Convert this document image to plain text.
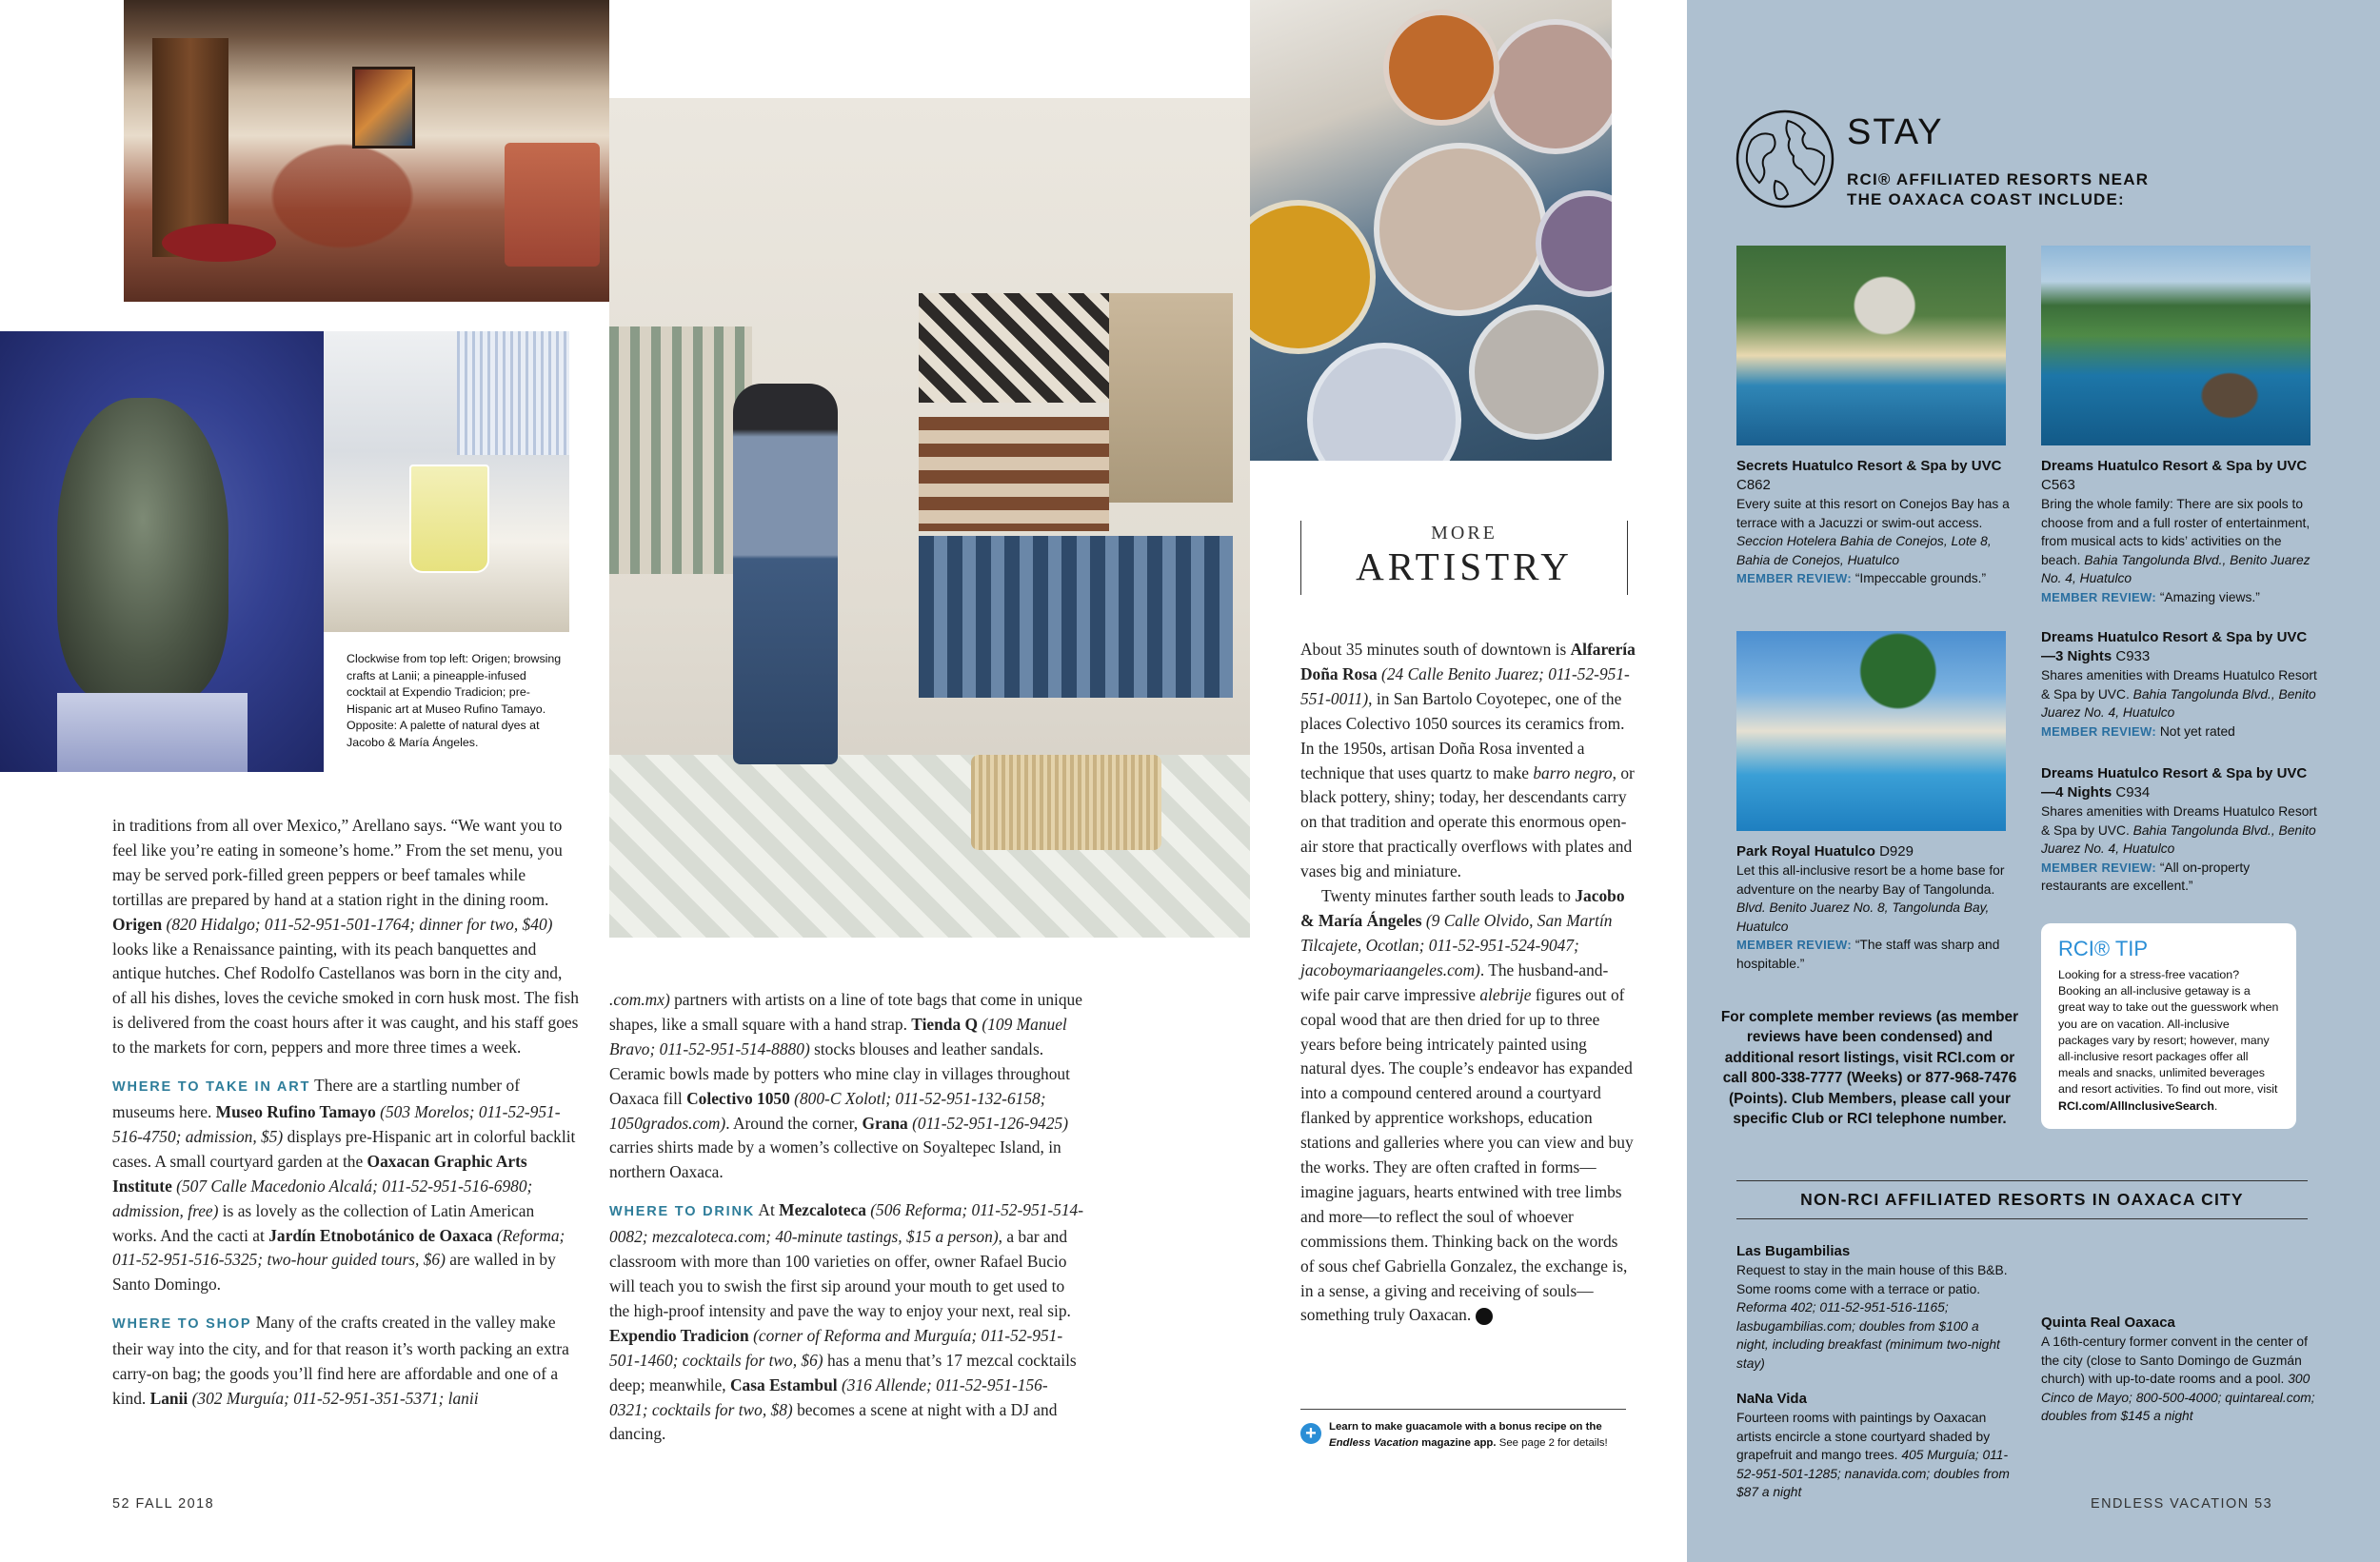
Clockwise from top left: Origen; browsing crafts at Lanii; a pineapple-infused cocktail at Expendio Tradicion; pre-Hispanic art at Museo Rufino Tamayo. Opposite: A palette of natural dyes at Jacobo & María Ángeles.

in traditions from all over Mexico,” Arellano says. “We want you to feel like you’re eating in someone’s home.” From the set menu, you may be served pork-filled green peppers or beef tamales while tortillas are prepared by hand at a station right in the dining room. Origen (820 Hidalgo; 011-52-951-501-1764; dinner for two, $40) looks like a Renaissance painting, with its peach banquettes and antique hutches. Chef Rodolfo Castellanos was born in the city and, of all his dishes, loves the ceviche smoked in corn husk most. The fish is delivered from the coast hours after it was caught, and his staff goes to the markets for corn, peppers and more three times a week.

WHERE TO TAKE IN ART There are a startling number of museums here. Museo Rufino Tamayo (503 Morelos; 011-52-951-516-4750; admission, $5) displays pre-Hispanic art in colorful backlit cases. A small courtyard garden at the Oaxacan Graphic Arts Institute (507 Calle Macedonio Alcalá; 011-52-951-516-6980; admission, free) is as lovely as the collection of Latin American works. And the cacti at Jardín Etnobotánico de Oaxaca (Reforma; 011-52-951-516-5325; two-hour guided tours, $6) are walled in by Santo Domingo.

WHERE TO SHOP Many of the crafts created in the valley make their way into the city, and for that reason it’s worth packing an extra carry-on bag; the goods you’ll find here are affordable and one of a kind. Lanii (302 Murguía; 011-52-951-351-5371; lanii

.com.mx) partners with artists on a line of tote bags that come in unique shapes, like a small square with a hand strap. Tienda Q (109 Manuel Bravo; 011-52-951-514-8880) stocks blouses and leather sandals. Ceramic bowls made by potters who mine clay in villages throughout Oaxaca fill Colectivo 1050 (800-C Xolotl; 011-52-951-132-6158; 1050grados.com). Around the corner, Grana (011-52-951-126-9425) carries shirts made by a women’s collective on Soyaltepec Island, in northern Oaxaca.

WHERE TO DRINK At Mezcaloteca (506 Reforma; 011-52-951-514-0082; mezcaloteca.com; 40-minute tastings, $15 a person), a bar and classroom with more than 100 varieties on offer, owner Rafael Bucio will teach you to swish the first sip around your mouth to get used to the high-proof intensity and pave the way to enjoy your next, real sip. Expendio Tradicion (corner of Reforma and Murguía; 011-52-951-501-1460; cocktails for two, $6) has a menu that’s 17 mezcal cocktails deep; meanwhile, Casa Estambul (316 Allende; 011-52-951-156-0321; cocktails for two, $8) becomes a scene at night with a DJ and dancing.

MORE
ARTISTRY

About 35 minutes south of downtown is Alfarería Doña Rosa (24 Calle Benito Juarez; 011-52-951-551-0011), in San Bartolo Coyotepec, one of the places Colectivo 1050 sources its ceramics from. In the 1950s, artisan Doña Rosa invented a technique that uses quartz to make barro negro, or black pottery, shiny; today, her descendants carry on that tradition and operate this enormous open-air store that practically overflows with plates and vases big and miniature.

Twenty minutes farther south leads to Jacobo & María Ángeles (9 Calle Olvido, San Martín Tilcajete, Ocotlan; 011-52-951-524-9047; jacoboymariaangeles.com). The husband-and-wife pair carve impressive alebrije figures out of copal wood that are then dried for up to three years before being intricately painted using natural dyes. The couple’s endeavor has expanded into a compound centered around a courtyard flanked by apprentice workshops, education stations and galleries where you can view and buy the works. They are often crafted in forms—imagine jaguars, hearts entwined with tree limbs and more—to reflect the soul of whoever commissions them. Thinking back on the words of sous chef Gabriella Gonzalez, the exchange is, in a sense, a giving and receiving of souls—something truly Oaxacan.	EV

+	Learn to make guacamole with a bonus recipe on the Endless Vacation magazine app. See page 2 for details!
52 FALL 2018
STAY
RCI® AFFILIATED RESORTS NEAR
THE OAXACA COAST INCLUDE:
Secrets Huatulco Resort & Spa by UVC C862
Every suite at this resort on Conejos Bay has a terrace with a Jacuzzi or swim-out access. Seccion Hotelera Bahia de Conejos, Lote 8, Bahia de Conejos, Huatulco
MEMBER REVIEW: “Impeccable grounds.”
Dreams Huatulco Resort & Spa by UVC C563
Bring the whole family: There are six pools to choose from and a full roster of entertainment, from musical acts to kids’ activities on the beach. Bahia Tangolunda Blvd., Benito Juarez No. 4, Huatulco
MEMBER REVIEW: “Amazing views.”
Park Royal Huatulco D929
Let this all-inclusive resort be a home base for adventure on the nearby Bay of Tangolunda. Blvd. Benito Juarez No. 8, Tangolunda Bay, Huatulco
MEMBER REVIEW: “The staff was sharp and hospitable.”
Dreams Huatulco Resort & Spa by UVC—3 Nights C933
Shares amenities with Dreams Huatulco Resort & Spa by UVC. Bahia Tangolunda Blvd., Benito Juarez No. 4, Huatulco
MEMBER REVIEW: Not yet rated
Dreams Huatulco Resort & Spa by UVC—4 Nights C934
Shares amenities with Dreams Huatulco Resort & Spa by UVC. Bahia Tangolunda Blvd., Benito Juarez No. 4, Huatulco
MEMBER REVIEW: “All on-property restaurants are excellent.”
For complete member reviews (as member reviews have been condensed) and additional resort listings, visit RCI.com or call 800-338-7777 (Weeks) or 877-968-7476 (Points). Club Members, please call your specific Club or RCI telephone number.
RCI® TIP
Looking for a stress-free vacation? Booking an all-inclusive getaway is a great way to take out the guesswork when you are on vacation. All-inclusive packages vary by resort; however, many all-inclusive resort packages offer all meals and snacks, unlimited beverages and resort activities. To find out more, visit RCI.com/AllInclusiveSearch.
NON-RCI AFFILIATED RESORTS IN OAXACA CITY
Las Bugambilias
Request to stay in the main house of this B&B. Some rooms come with a terrace or patio. Reforma 402; 011-52-951-516-1165; lasbugambilias.com; doubles from $100 a night, including breakfast (minimum two-night stay)
NaNa Vida
Fourteen rooms with paintings by Oaxacan artists encircle a stone courtyard shaded by grapefruit and mango trees. 405 Murguía; 011-52-951-501-1285; nanavida.com; doubles from $87 a night
Quinta Real Oaxaca
A 16th-century former convent in the center of the city (close to Santo Domingo de Guzmán church) with up-to-date rooms and a pool. 300 Cinco de Mayo; 800-500-4000; quintareal.com; doubles from $145 a night
ENDLESS VACATION 53
